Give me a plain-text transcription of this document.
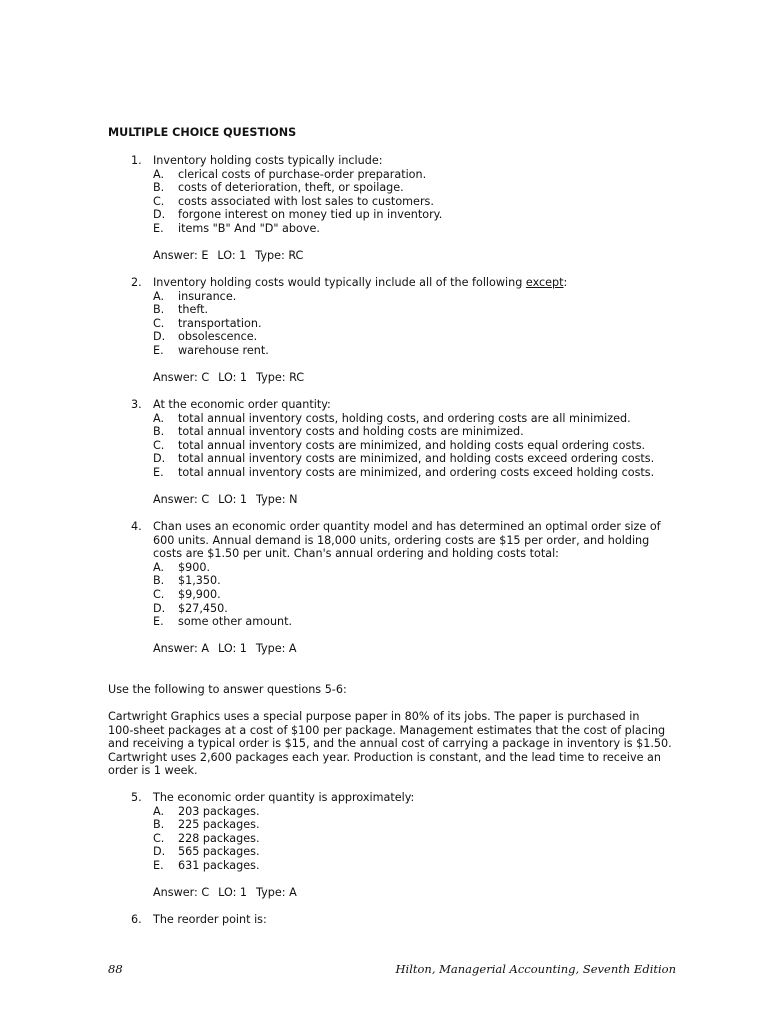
MULTIPLE CHOICE QUESTIONS
1.	Inventory holding costs typically include:
A.	clerical costs of purchase-order preparation.
B.	costs of deterioration, theft, or spoilage.
C.	costs associated with lost sales to customers.
D.	forgone interest on money tied up in inventory.
E.	items "B" And "D" above.
Answer: E LO: 1 Type: RC
2.	Inventory holding costs would typically include all of the following except:
A.	insurance.
B.	theft.
C.	transportation.
D.	obsolescence.
E.	warehouse rent.
Answer: C LO: 1 Type: RC
3.	At the economic order quantity:
A.	total annual inventory costs, holding costs, and ordering costs are all minimized.
B.	total annual inventory costs and holding costs are minimized.
C.	total annual inventory costs are minimized, and holding costs equal ordering costs.
D.	total annual inventory costs are minimized, and holding costs exceed ordering costs.
E.	total annual inventory costs are minimized, and ordering costs exceed holding costs.
Answer: C LO: 1 Type: N
4.	Chan uses an economic order quantity model and has determined an optimal order size of
600 units. Annual demand is 18,000 units, ordering costs are $15 per order, and holding
costs are $1.50 per unit. Chan's annual ordering and holding costs total:
A.	$900.
B.	$1,350.
C.	$9,900.
D.	$27,450.
E.	some other amount.
Answer: A LO: 1 Type: A
Use the following to answer questions 5-6:
Cartwright Graphics uses a special purpose paper in 80% of its jobs. The paper is purchased in
100-sheet packages at a cost of $100 per package. Management estimates that the cost of placing
and receiving a typical order is $15, and the annual cost of carrying a package in inventory is $1.50.
Cartwright uses 2,600 packages each year. Production is constant, and the lead time to receive an
order is 1 week.
5.	The economic order quantity is approximately:
A.	203 packages.
B.	225 packages.
C.	228 packages.
D.	565 packages.
E.	631 packages.
Answer: C LO: 1 Type: A
6.	The reorder point is:
88	Hilton, Managerial Accounting, Seventh Edition
